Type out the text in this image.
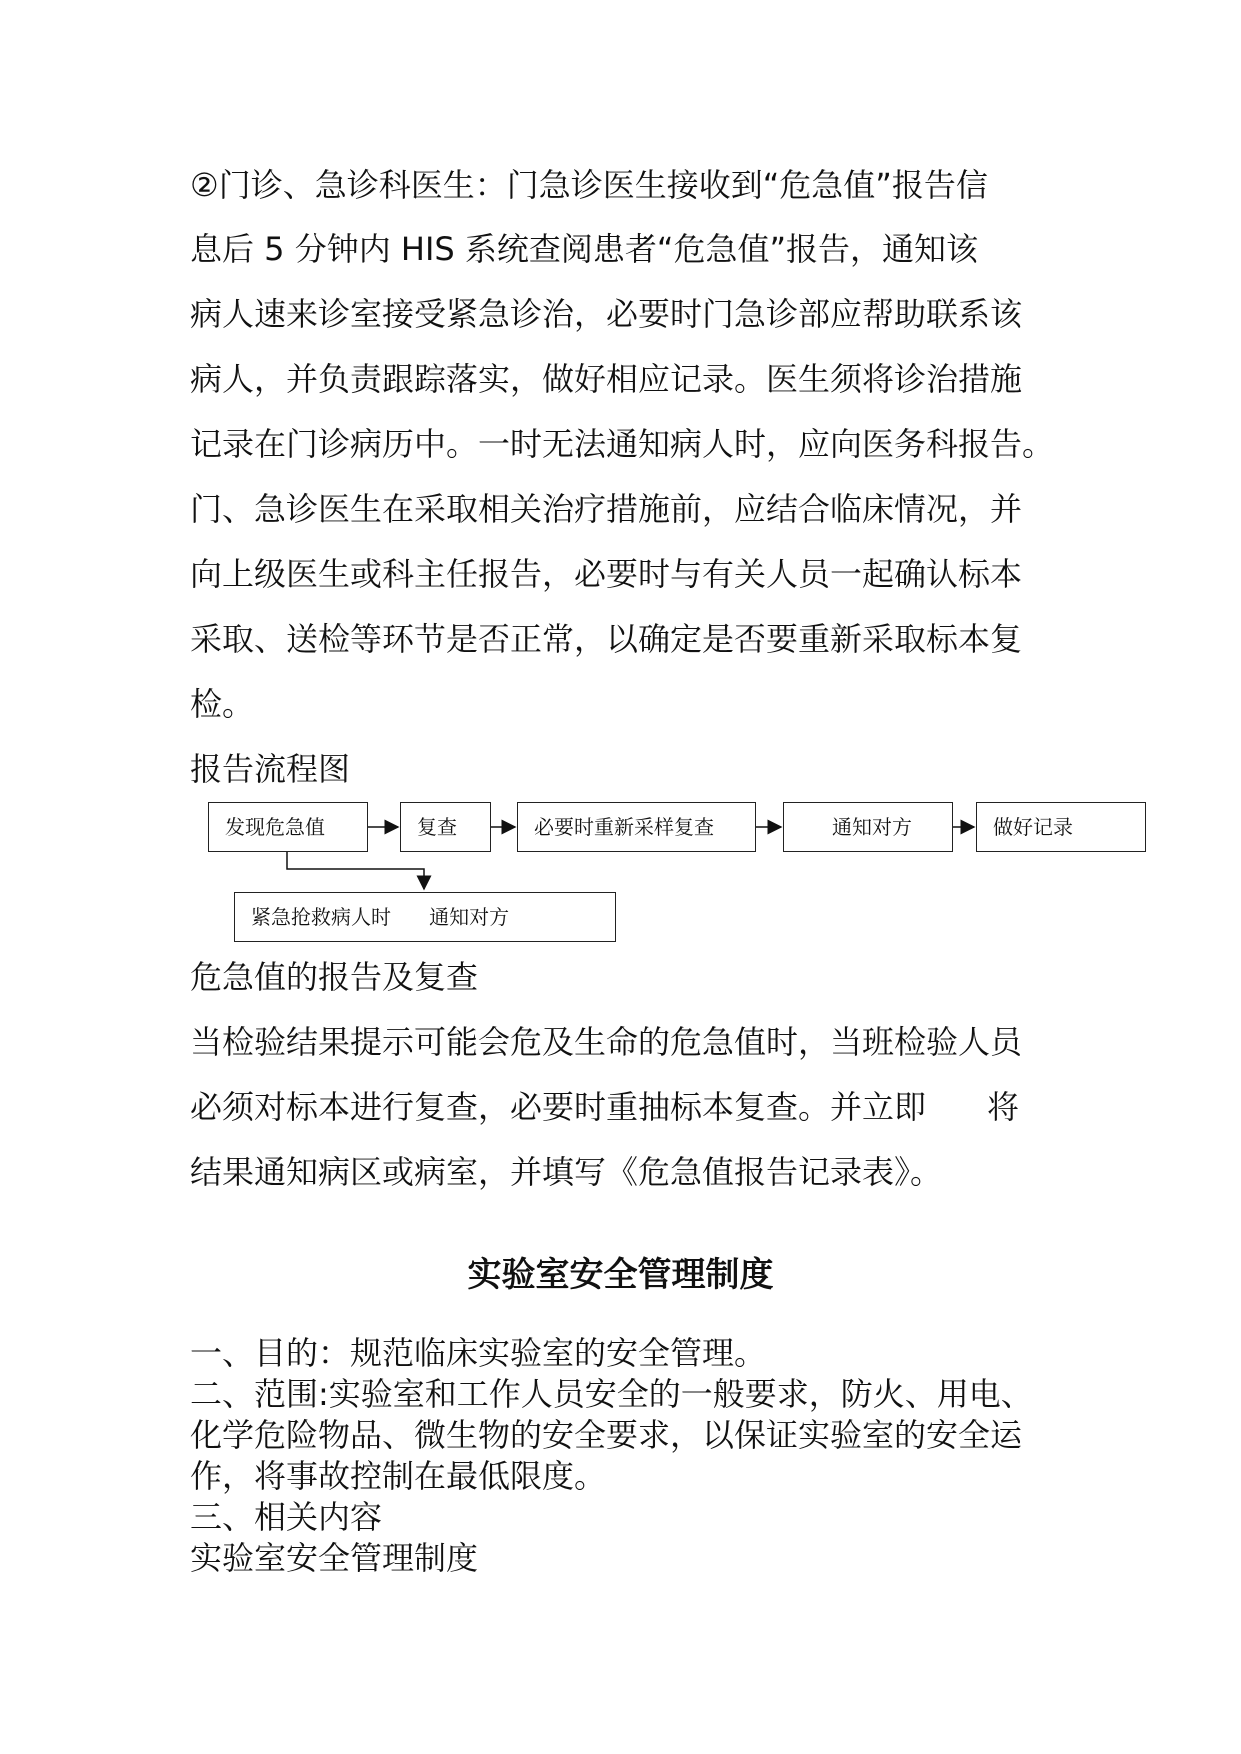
②门诊、急诊科医生：门急诊医生接收到“危急值”报告信
息后 5 分钟内 HIS 系统查阅患者“危急值”报告，通知该
病人速来诊室接受紧急诊治，必要时门急诊部应帮助联系该
病人，并负责跟踪落实，做好相应记录。医生须将诊治措施
记录在门诊病历中。一时无法通知病人时，应向医务科报告。
门、急诊医生在采取相关治疗措施前，应结合临床情况，并
向上级医生或科主任报告，必要时与有关人员一起确认标本
采取、送检等环节是否正常，以确定是否要重新采取标本复
检。
报告流程图
发现危急值	复查	必要时重新采样复查	通知对方	做好记录
紧急抢救病人时      通知对方
危急值的报告及复查
当检验结果提示可能会危及生命的危急值时，当班检验人员
必须对标本进行复查，必要时重抽标本复查。并立即      将
结果通知病区或病室，并填写《危急值报告记录表》。
实验室安全管理制度
一、目的：规范临床实验室的安全管理。
二、范围:实验室和工作人员安全的一般要求，防火、用电、
化学危险物品、微生物的安全要求，以保证实验室的安全运
作，将事故控制在最低限度。
三、相关内容
实验室安全管理制度
